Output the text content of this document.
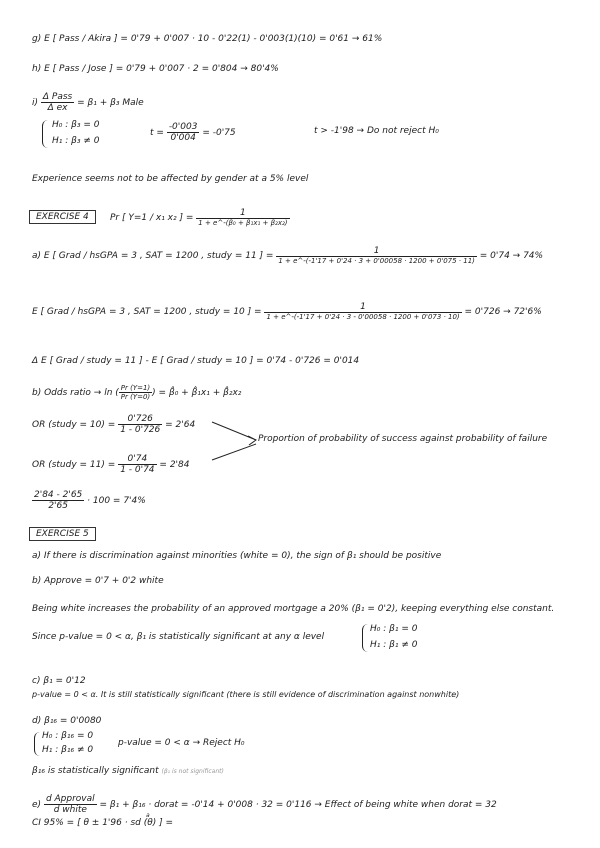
g) E [ Pass / Akira ] = 0'79 + 0'007 · 10 - 0'22(1) - 0'003(1)(10) = 0'61 → 61%
h) E [ Pass / Jose ] = 0'79 + 0'007 · 2 = 0'804 → 80'4%
$i) \frac{\text{Δ Pass}}{\text{Δ ex}} = \beta_1 + \beta_3$ Male
H₀ : β₃ = 0
H₁ : β₃ ≠ 0
$t = \frac{-0'003}{0'004} = -0'75$	t > -1'98 → Do not reject H₀
Experience seems not to be affected by gender at a 5% level
EXERCISE 4	Pr [ Y=1 / x₁ x₂ ] = $\frac{1}{\text{1 + e\textasciicircum{}-(β₀ + β₁x₁ + β₂x₂)}}$
a) E [ Grad / hsGPA = 3 , SAT = 1200 , study = 11 ] = $\frac{1}{1 + e\^{}-(-1'17 + 0'24 \cdot 3 + 0'00058 \cdot 1200 + 0'075 \cdot 11)} = 0'74 \to 74\%$
E [ Grad / hsGPA = 3 , SAT = 1200 , study = 10 ] = $\frac{1}{1 + e\^{}-(-1'17 + 0'24 \cdot 3 - 0'00058 \cdot 1200 + 0'073 \cdot 10)} = 0'726 \to 72'6\%$
Δ E [ Grad / study = 11 ] - E [ Grad / study = 10 ] = 0'74 - 0'726 = 0'014
b) Odds ratio → ln ( $\frac{Pr (Y=1)}{Pr (Y=0)}$ ) = β̂₀ + β̂₁x₁ + β̂₂x₂
OR (study = $10) = \frac{0'726}{1 - 0'726} = 2'64$
OR (study = $11) = \frac{0'74}{1 - 0'74} = 2'84$
Proportion of probability of success against probability of failure
$\frac{2'84 - 2'65}{2'65} \cdot 100 = 7'4\%$
EXERCISE 5
a) If there is discrimination against minorities (white = 0), the sign of β₁ should be positive
b) Approve = 0'7 + 0'2 white
Being white increases the probability of an approved mortgage a 20% (β₁ = 0'2), keeping everything else constant.
Since p-value = 0 < α, β₁ is statistically significant at any α level
H₀ : β₁ = 0
H₁ : β₁ ≠ 0
c) β₁ = 0'12
p-value = 0 < α. It is still statistically significant (there is still evidence of discrimination against nonwhite)
d) β₁₆ = 0'0080
H₀ : β₁₆ = 0
H₁ : β₁₆ ≠ 0
p-value = 0 < α → Reject H₀
β₁₆ is statistically significant (β₁ is not significant)
$e) \frac{\text{d Approval}}{\text{d white}} = \beta_1 + \beta_{16}$ · dorat = -0'14 + 0'008 · 32 = 0'116 → Effect of being white when dorat = 32
a
CI 95% = [ θ ± 1'96 · sd (θ) ] =
